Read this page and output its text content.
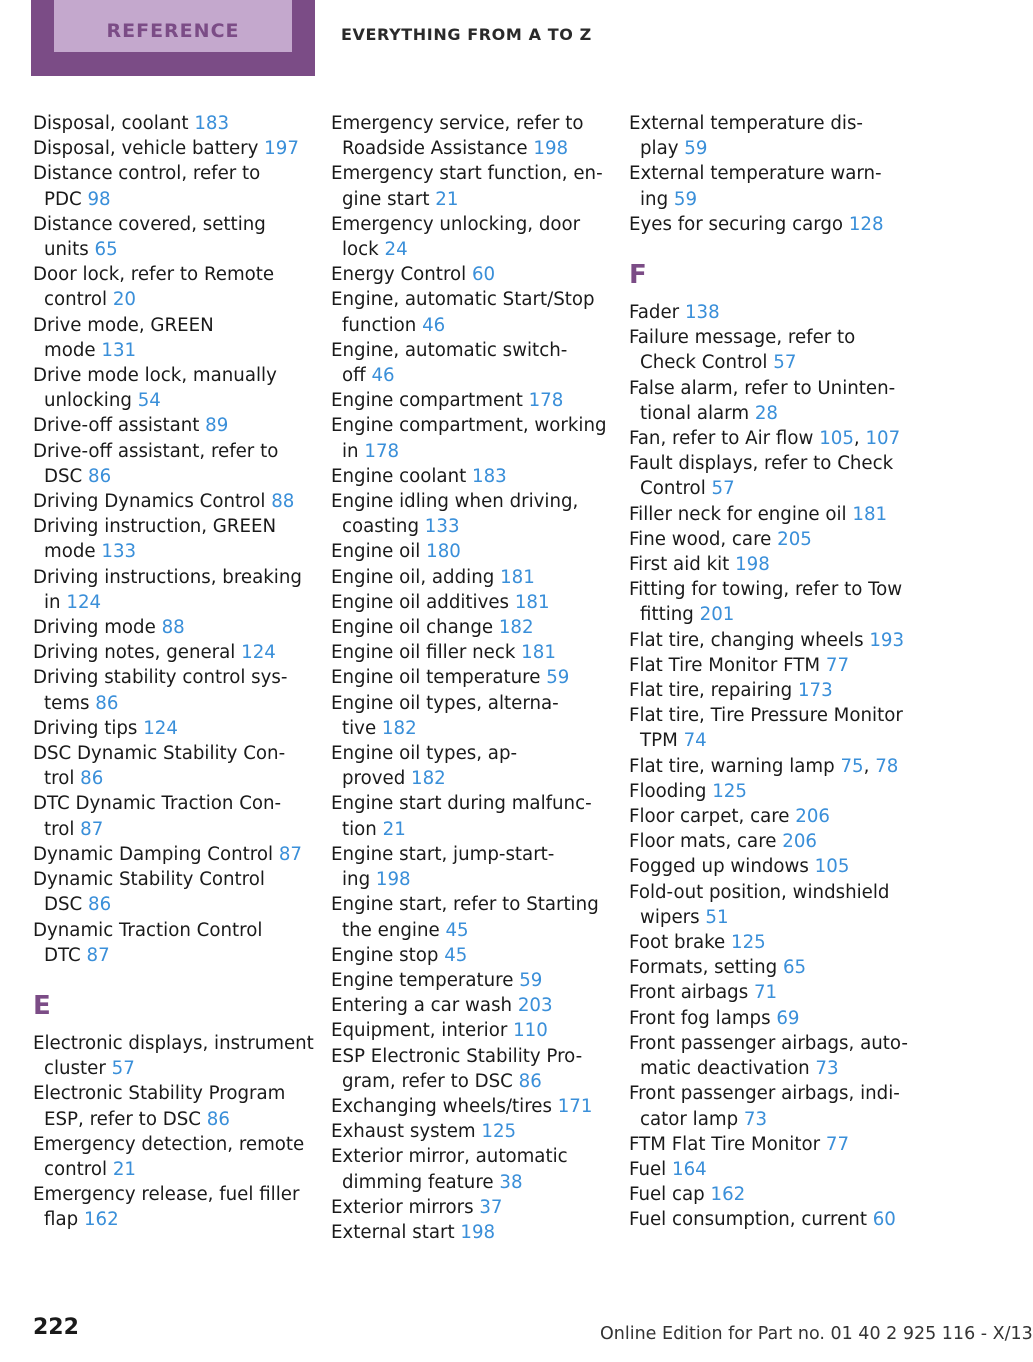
REFERENCE	EVERYTHING FROM A TO Z
Disposal, coolant 183
Disposal, vehicle battery 197
Distance control, refer to
PDC 98
Distance covered, setting
units 65
Door lock, refer to Remote
control 20
Drive mode, GREEN
mode 131
Drive mode lock, manually
unlocking 54
Drive-off assistant 89
Drive-off assistant, refer to
DSC 86
Driving Dynamics Control 88
Driving instruction, GREEN
mode 133
Driving instructions, breaking
in 124
Driving mode 88
Driving notes, general 124
Driving stability control sys-
tems 86
Driving tips 124
DSC Dynamic Stability Con-
trol 86
DTC Dynamic Traction Con-
trol 87
Dynamic Damping Control 87
Dynamic Stability Control
DSC 86
Dynamic Traction Control
DTC 87
E
Electronic displays, instrument
cluster 57
Electronic Stability Program
ESP, refer to DSC 86
Emergency detection, remote
control 21
Emergency release, fuel filler
flap 162
Emergency service, refer to
Roadside Assistance 198
Emergency start function, en-
gine start 21
Emergency unlocking, door
lock 24
Energy Control 60
Engine, automatic Start/Stop
function 46
Engine, automatic switch-
off 46
Engine compartment 178
Engine compartment, working
in 178
Engine coolant 183
Engine idling when driving,
coasting 133
Engine oil 180
Engine oil, adding 181
Engine oil additives 181
Engine oil change 182
Engine oil filler neck 181
Engine oil temperature 59
Engine oil types, alterna-
tive 182
Engine oil types, ap-
proved 182
Engine start during malfunc-
tion 21
Engine start, jump-start-
ing 198
Engine start, refer to Starting
the engine 45
Engine stop 45
Engine temperature 59
Entering a car wash 203
Equipment, interior 110
ESP Electronic Stability Pro-
gram, refer to DSC 86
Exchanging wheels/tires 171
Exhaust system 125
Exterior mirror, automatic
dimming feature 38
Exterior mirrors 37
External start 198
External temperature dis-
play 59
External temperature warn-
ing 59
Eyes for securing cargo 128
F
Fader 138
Failure message, refer to
Check Control 57
False alarm, refer to Uninten-
tional alarm 28
Fan, refer to Air flow 105, 107
Fault displays, refer to Check
Control 57
Filler neck for engine oil 181
Fine wood, care 205
First aid kit 198
Fitting for towing, refer to Tow
fitting 201
Flat tire, changing wheels 193
Flat Tire Monitor FTM 77
Flat tire, repairing 173
Flat tire, Tire Pressure Monitor
TPM 74
Flat tire, warning lamp 75, 78
Flooding 125
Floor carpet, care 206
Floor mats, care 206
Fogged up windows 105
Fold-out position, windshield
wipers 51
Foot brake 125
Formats, setting 65
Front airbags 71
Front fog lamps 69
Front passenger airbags, auto-
matic deactivation 73
Front passenger airbags, indi-
cator lamp 73
FTM Flat Tire Monitor 77
Fuel 164
Fuel cap 162
Fuel consumption, current 60
222	Online Edition for Part no. 01 40 2 925 116 - X/13
